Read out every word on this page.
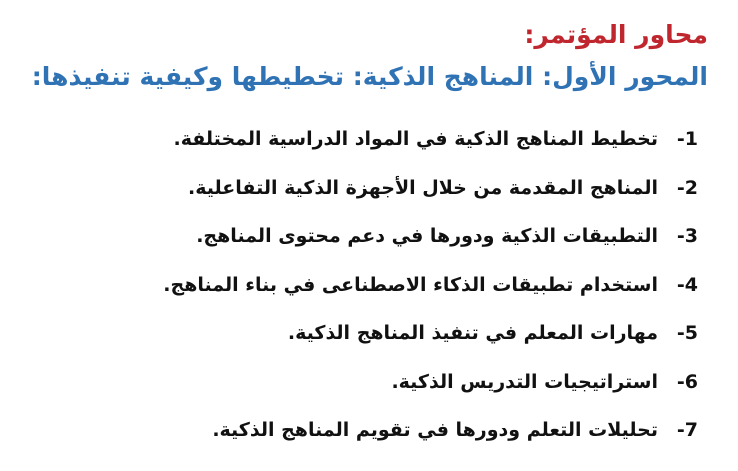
محاور المؤتمر:
المحور الأول: المناهج الذكية: تخطيطها وكيفية تنفيذها:
1-
تخطيط المناهج الذكية في المواد الدراسية المختلفة.
2-
المناهج المقدمة من خلال الأجهزة الذكية التفاعلية.
3-
التطبيقات الذكية ودورها في دعم محتوى المناهج.
4-
استخدام تطبيقات الذكاء الاصطناعى في بناء المناهج.
5-
مهارات المعلم في تنفيذ المناهج الذكية.
6-
استراتيجيات التدريس الذكية.
7-
تحليلات التعلم ودورها في تقويم المناهج الذكية.
